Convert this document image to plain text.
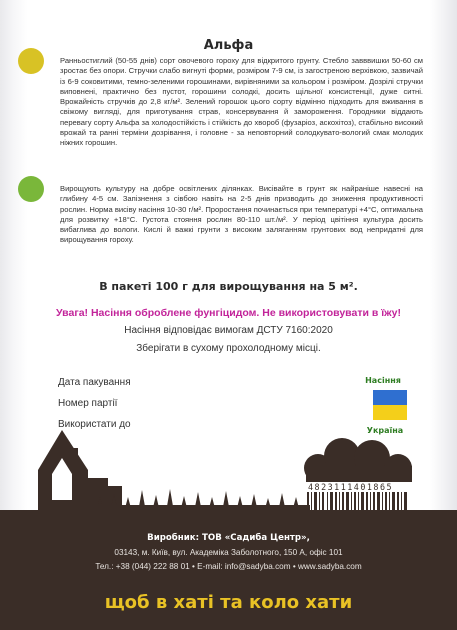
Альфа
Ранньостиглий (50-55 днів) сорт овочевого гороху для відкритого грунту. Стебло завввишки 50-60 см зростає без опори. Стручки слабо вигнуті форми, розміром 7-9 см, із загостреною верхівкою, зазвичай із 6-9 соковитими, темно-зеленими горошинами, вирівняними за кольором і розміром. Дозрілі стручки виповнені, практично без пустот, горошини солодкі, досить щільної консистенції, дуже ситні. Врожайність стручків до 2,8 кг/м². Зелений горошок цього сорту відмінно підходить для вживання в свіжому вигляді, для приготування страв, консервування й замороження. Городники віддають перевагу сорту Альфа за холодостійкість і стійкість до хвороб (фузаріоз, аскохітоз), стабільно високий врожай та ранні терміни дозрівання, і головне - за неповторний солодкувато-вологий смак молодих ніжних горошин.
Вирощують культуру на добре освітлених ділянках. Висівайте в грунт як найраніше навесні на глибину 4-5 см. Запізнення з сівбою навіть на 2-5 днів призводить до зниження продуктивності рослин. Норма висіву насіння 10-30 г/м². Проростання починається при температурі +4°С, оптимальна для розвитку +18°С. Густота стояння рослин 80-110 шт./м². У період цвітіння культура досить вибаглива до вологи. Кислі й важкі грунти з високим заляганням грунтових вод непридатні для вирощування гороху.
В пакеті 100 г для вирощування на 5 м².
Увага! Насіння оброблене фунгіцидом. Не використовувати в їжу!
Насіння відповідає вимогам ДСТУ 7160:2020
Зберігати в сухому прохолодному місці.
Дата пакування
Номер партії
Використати до
Насіння
Україна
4823111401865
Виробник: ТОВ «Садиба Центр»,
03143, м. Київ, вул. Академіка Заболотного, 150 А, офіс 101
Тел.: +38 (044) 222 88 01 • E-mail: info@sadyba.com • www.sadyba.com
щоб в хаті та коло хати
